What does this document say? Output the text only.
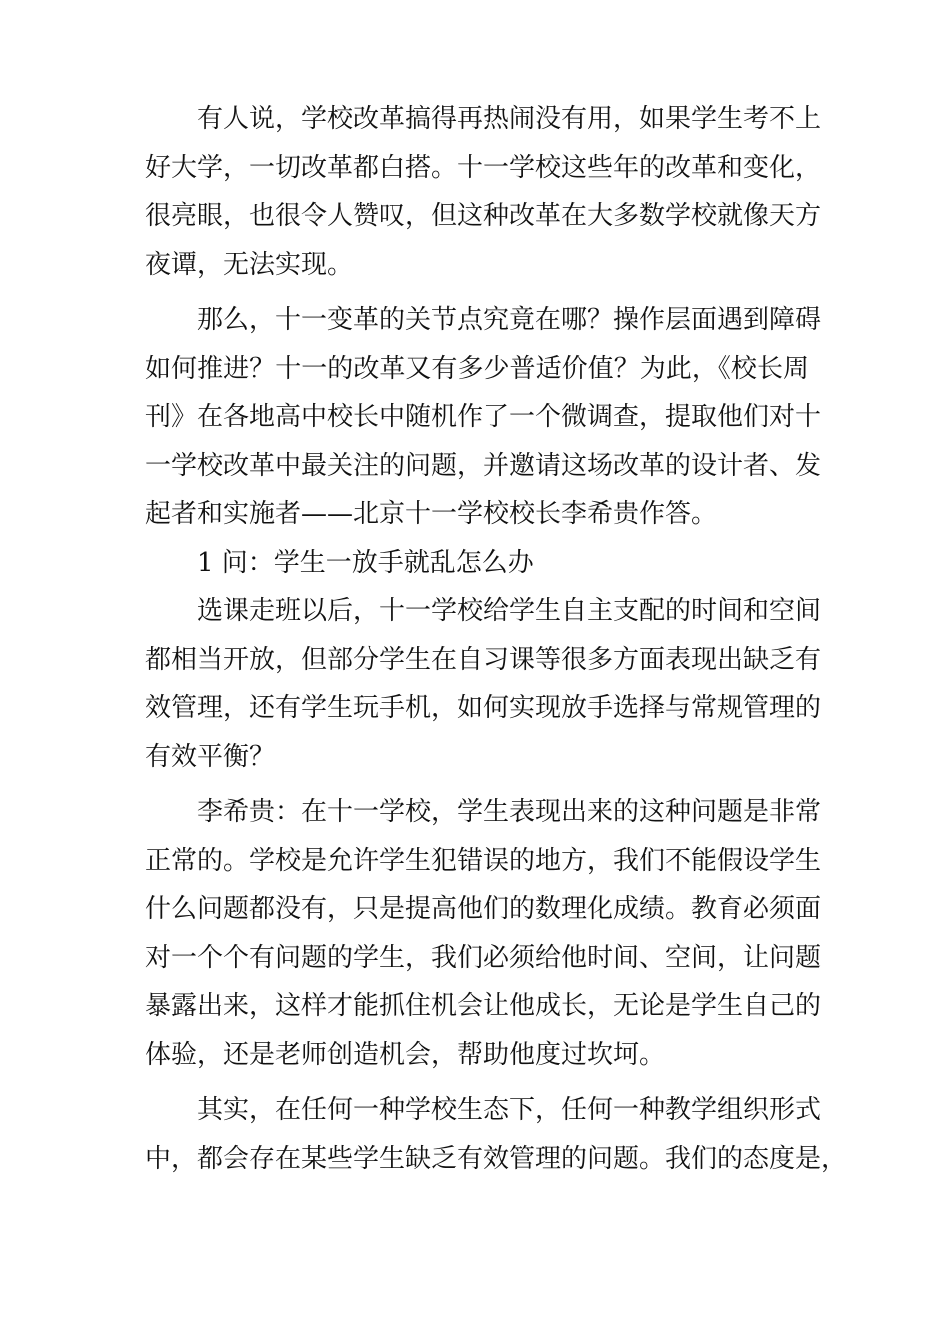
有人说，学校改革搞得再热闹没有用，如果学生考不上
好大学，一切改革都白搭。十一学校这些年的改革和变化，
很亮眼，也很令人赞叹，但这种改革在大多数学校就像天方
夜谭，无法实现。
那么，十一变革的关节点究竟在哪？操作层面遇到障碍
如何推进？十一的改革又有多少普适价值？为此，《校长周
刊》在各地高中校长中随机作了一个微调查，提取他们对十
一学校改革中最关注的问题，并邀请这场改革的设计者、发
起者和实施者——北京十一学校校长李希贵作答。
1 问：学生一放手就乱怎么办
选课走班以后，十一学校给学生自主支配的时间和空间
都相当开放，但部分学生在自习课等很多方面表现出缺乏有
效管理，还有学生玩手机，如何实现放手选择与常规管理的
有效平衡？
李希贵：在十一学校，学生表现出来的这种问题是非常
正常的。学校是允许学生犯错误的地方，我们不能假设学生
什么问题都没有，只是提高他们的数理化成绩。教育必须面
对一个个有问题的学生，我们必须给他时间、空间，让问题
暴露出来，这样才能抓住机会让他成长，无论是学生自己的
体验，还是老师创造机会，帮助他度过坎坷。
其实，在任何一种学校生态下，任何一种教学组织形式
中，都会存在某些学生缺乏有效管理的问题。我们的态度是，
